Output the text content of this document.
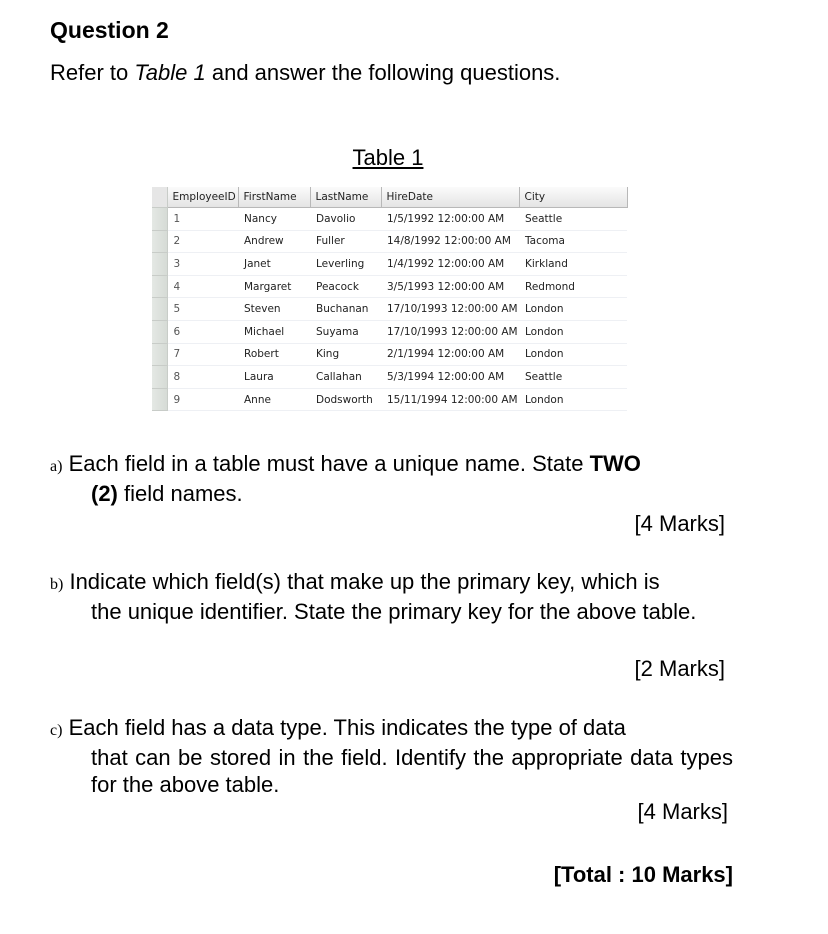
Question 2
Refer to Table 1 and answer the following questions.
Table 1
	EmployeeID	FirstName	LastName	HireDate	City
	1	Nancy	Davolio	1/5/1992 12:00:00 AM	Seattle
	2	Andrew	Fuller	14/8/1992 12:00:00 AM	Tacoma
	3	Janet	Leverling	1/4/1992 12:00:00 AM	Kirkland
	4	Margaret	Peacock	3/5/1993 12:00:00 AM	Redmond
	5	Steven	Buchanan	17/10/1993 12:00:00 AM	London
	6	Michael	Suyama	17/10/1993 12:00:00 AM	London
	7	Robert	King	2/1/1994 12:00:00 AM	London
	8	Laura	Callahan	5/3/1994 12:00:00 AM	Seattle
	9	Anne	Dodsworth	15/11/1994 12:00:00 AM	London
a) Each field in a table must have a unique name. State TWO
(2) field names.
[4 Marks]
b) Indicate which field(s) that make up the primary key, which is
the unique identifier. State the primary key for the above table.
[2 Marks]
c) Each field has a data type. This indicates the type of data
that can be stored in the field. Identify the appropriate data types for the above table.
[4 Marks]
[Total : 10 Marks]
